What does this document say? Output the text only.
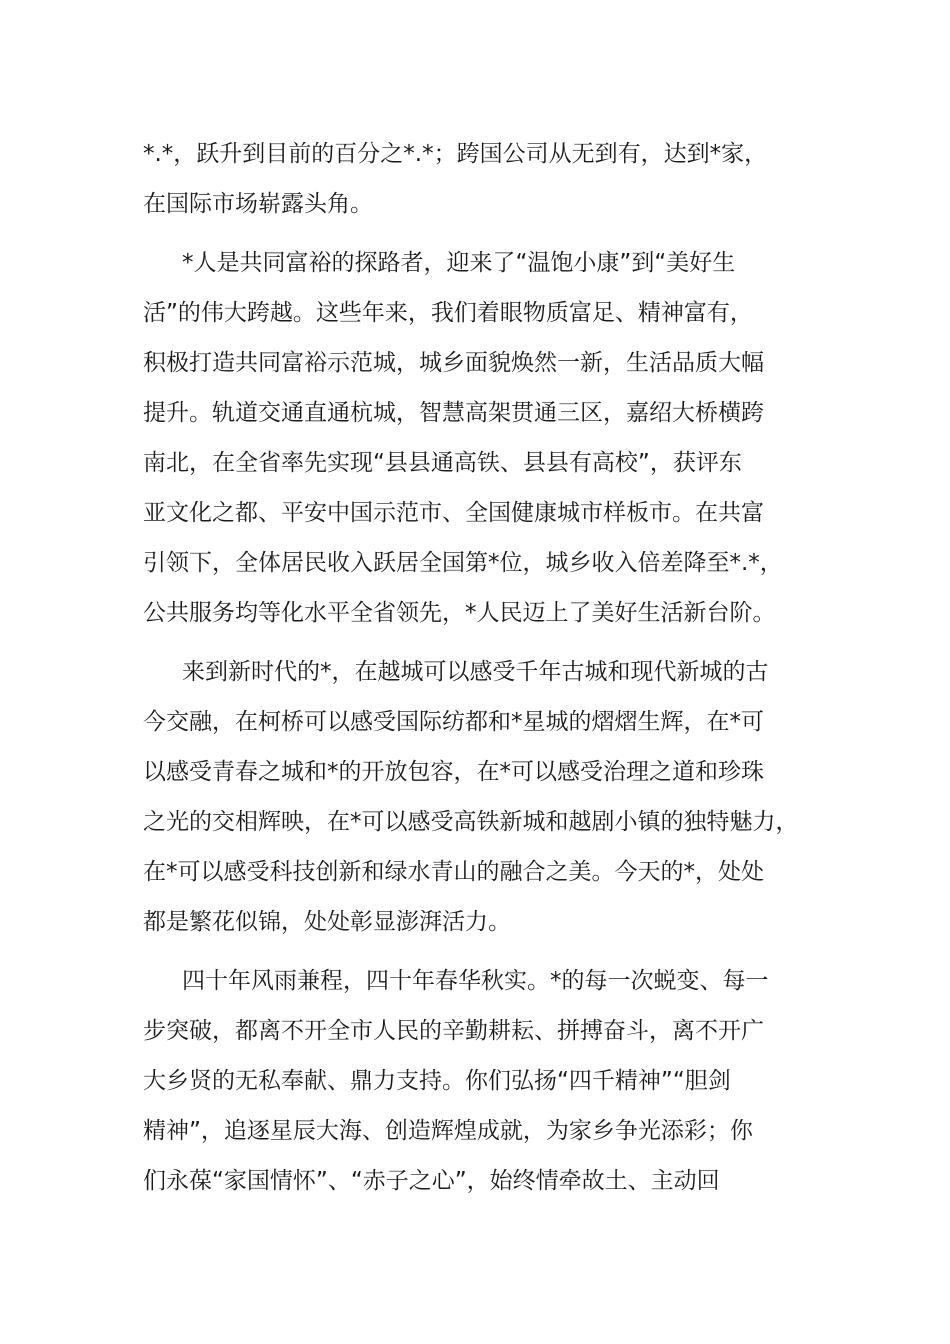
*.*，跃升到目前的百分之*.*；跨国公司从无到有，达到*家，
在国际市场崭露头角。

*人是共同富裕的探路者，迎来了“温饱小康”到“美好生
活”的伟大跨越。这些年来，我们着眼物质富足、精神富有，
积极打造共同富裕示范城，城乡面貌焕然一新，生活品质大幅
提升。轨道交通直通杭城，智慧高架贯通三区，嘉绍大桥横跨
南北，在全省率先实现“县县通高铁、县县有高校”，获评东
亚文化之都、平安中国示范市、全国健康城市样板市。在共富
引领下，全体居民收入跃居全国第*位，城乡收入倍差降至*.*，
公共服务均等化水平全省领先，*人民迈上了美好生活新台阶。

来到新时代的*，在越城可以感受千年古城和现代新城的古
今交融，在柯桥可以感受国际纺都和*星城的熠熠生辉，在*可
以感受青春之城和*的开放包容，在*可以感受治理之道和珍珠
之光的交相辉映，在*可以感受高铁新城和越剧小镇的独特魅力，
在*可以感受科技创新和绿水青山的融合之美。今天的*，处处
都是繁花似锦，处处彰显澎湃活力。

四十年风雨兼程，四十年春华秋实。*的每一次蜕变、每一
步突破，都离不开全市人民的辛勤耕耘、拼搏奋斗，离不开广
大乡贤的无私奉献、鼎力支持。你们弘扬“四千精神”“胆剑
精神”，追逐星辰大海、创造辉煌成就，为家乡争光添彩；你
们永葆“家国情怀”、“赤子之心”，始终情牵故土、主动回
